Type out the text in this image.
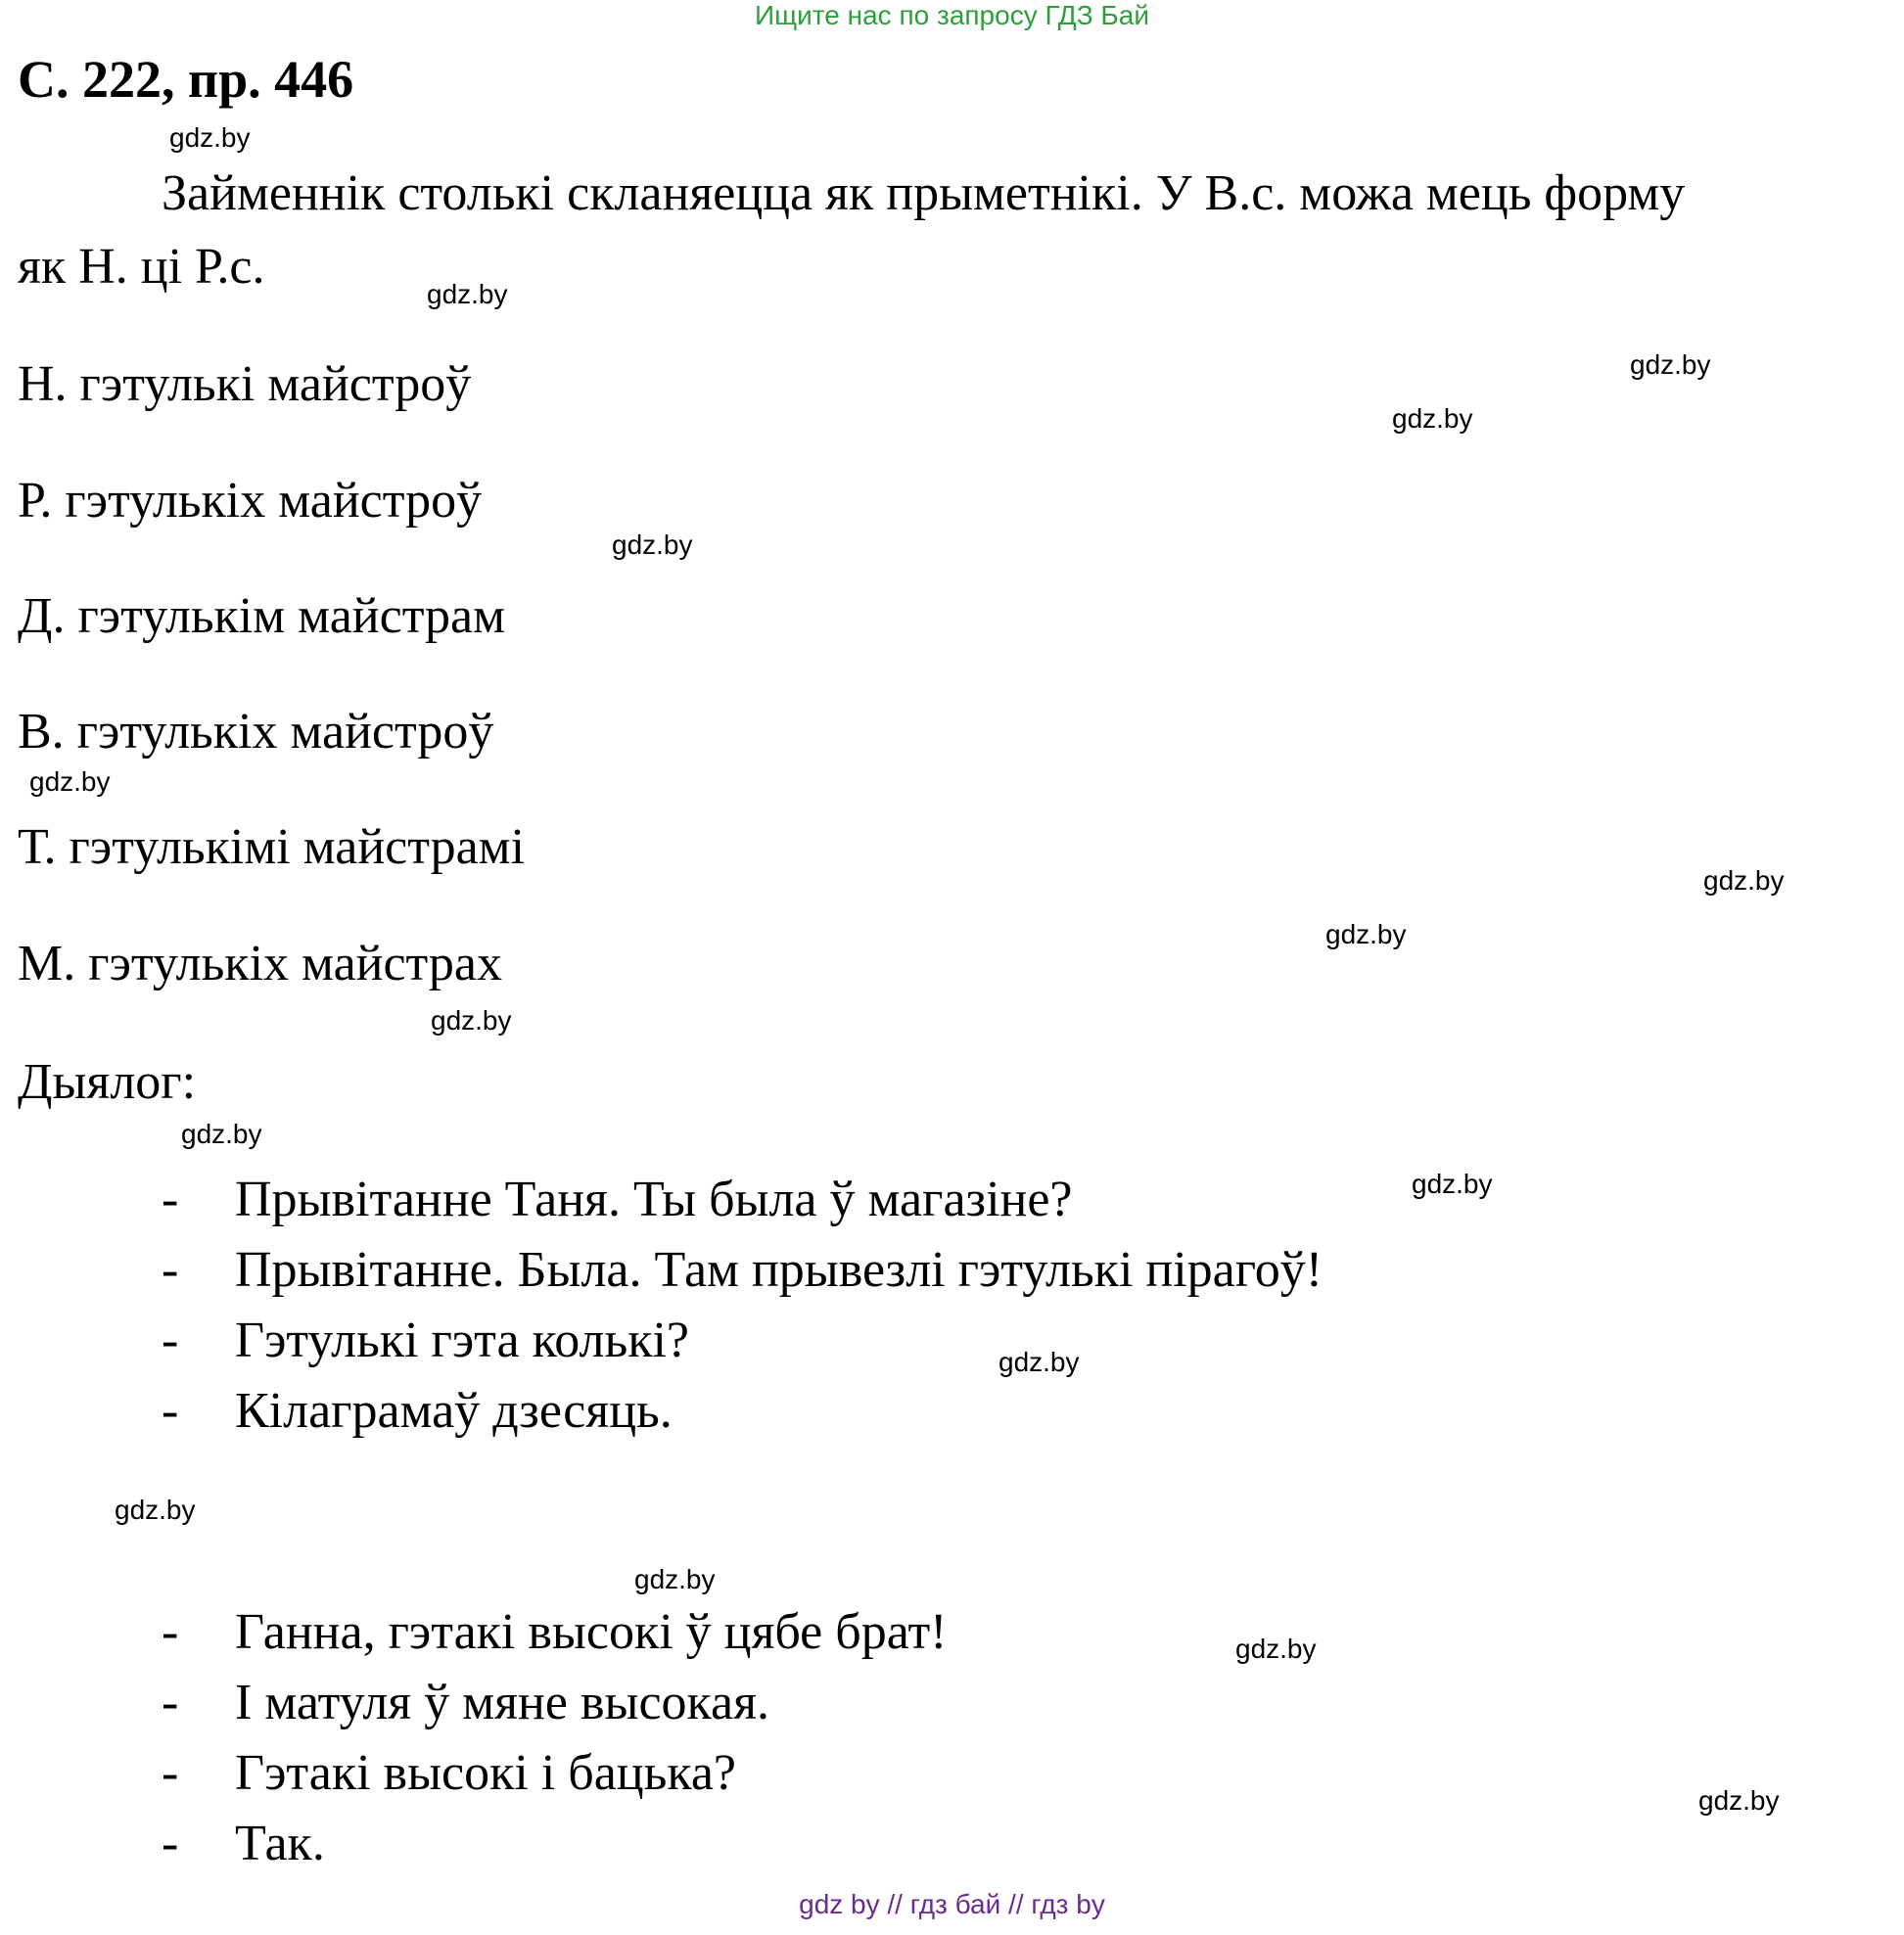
Ищите нас по запросу ГДЗ Бай
С. 222, пр. 446
Займеннік столькі скланяецца як прыметнікі. У В.с. можа мець форму
як Н. ці Р.с.
Н. гэтулькі майстроў
Р. гэтулькіх майстроў
Д. гэтулькім майстрам
В. гэтулькіх майстроў
Т. гэтулькімі майстрамі
М. гэтулькіх майстрах
Дыялог:
- Прывітанне Таня. Ты была ў магазіне?
- Прывітанне. Была. Там прывезлі гэтулькі пірагоў!
- Гэтулькі гэта колькі?
- Кілаграмаў дзесяць.
- Ганна, гэтакі высокі ў цябе брат!
- І матуля ў мяне высокая.
- Гэтакі высокі і бацька?
- Так.
gdz.by
gdz.by
gdz.by
gdz.by
gdz.by
gdz.by
gdz.by
gdz.by
gdz.by
gdz.by
gdz.by
gdz.by
gdz.by
gdz.by
gdz.by
gdz.by
gdz by // гдз бай // гдз by
